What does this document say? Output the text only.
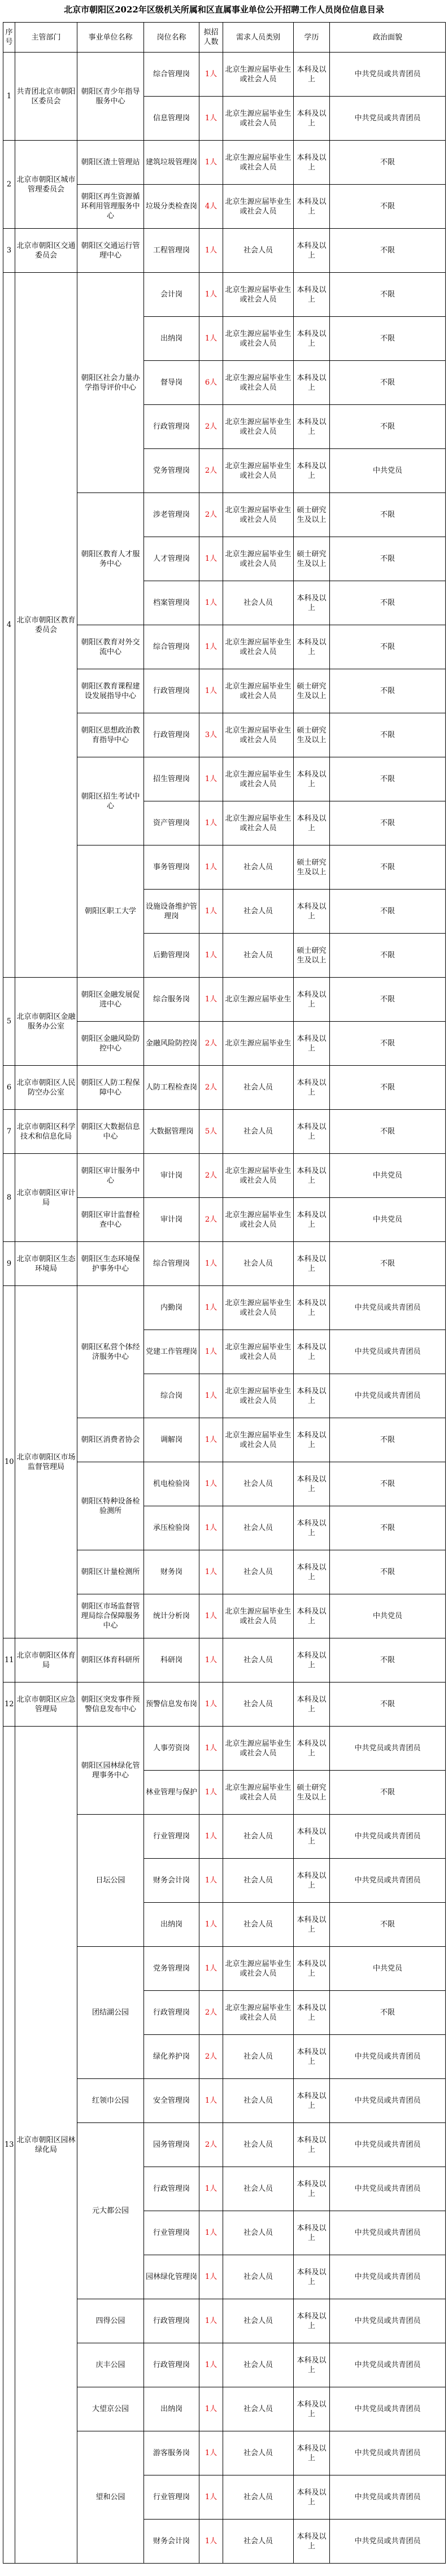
北京市朝阳区2022年区级机关所属和区直属事业单位公开招聘工作人员岗位信息目录
序号	主管部门	事业单位名称	岗位名称	拟招人数	需求人员类别	学历	政治面貌
1	共青团北京市朝阳区委员会	朝阳区青少年指导服务中心	综合管理岗	1人	北京生源应届毕业生或社会人员	本科及以上	中共党员或共青团员
			信息管理岗	1人	北京生源应届毕业生或社会人员	本科及以上	中共党员或共青团员
2	北京市朝阳区城市管理委员会	朝阳区渣土管理站	建筑垃圾管理岗	1人	北京生源应届毕业生或社会人员	本科及以上	不限
		朝阳区再生资源循环利用管理服务中心	垃圾分类检查岗	4人	北京生源应届毕业生或社会人员	本科及以上	不限
3	北京市朝阳区交通委员会	朝阳区交通运行管理中心	工程管理岗	1人	社会人员	本科及以上	不限
4	北京市朝阳区教育委员会	朝阳区社会力量办学指导评价中心	会计岗	1人	北京生源应届毕业生或社会人员	本科及以上	不限
			出纳岗	1人	北京生源应届毕业生或社会人员	本科及以上	不限
			督导岗	6人	北京生源应届毕业生或社会人员	本科及以上	不限
			行政管理岗	2人	北京生源应届毕业生或社会人员	本科及以上	不限
			党务管理岗	2人	北京生源应届毕业生或社会人员	本科及以上	中共党员
		朝阳区教育人才服务中心	涉老管理岗	2人	北京生源应届毕业生或社会人员	硕士研究生及以上	不限
			人才管理岗	1人	北京生源应届毕业生或社会人员	硕士研究生及以上	不限
			档案管理岗	1人	社会人员	本科及以上	不限
		朝阳区教育对外交流中心	综合管理岗	1人	北京生源应届毕业生或社会人员	本科及以上	不限
		朝阳区教育课程建设发展指导中心	行政管理岗	1人	北京生源应届毕业生或社会人员	硕士研究生及以上	不限
		朝阳区思想政治教育指导中心	行政管理岗	3人	北京生源应届毕业生或社会人员	硕士研究生及以上	不限
		朝阳区招生考试中心	招生管理岗	1人	北京生源应届毕业生或社会人员	本科及以上	不限
			资产管理岗	1人	北京生源应届毕业生或社会人员	本科及以上	不限
		朝阳区职工大学	事务管理岗	1人	社会人员	硕士研究生及以上	不限
			设施设备维护管理岗	1人	社会人员	本科及以上	不限
			后勤管理岗	1人	社会人员	硕士研究生及以上	不限
5	北京市朝阳区金融服务办公室	朝阳区金融发展促进中心	综合服务岗	1人	北京生源应届毕业生	本科及以上	不限
		朝阳区金融风险防控中心	金融风险防控岗	2人	北京生源应届毕业生	本科及以上	不限
6	北京市朝阳区人民防空办公室	朝阳区人防工程保障中心	人防工程检查岗	2人	社会人员	本科及以上	不限
7	北京市朝阳区科学技术和信息化局	朝阳区大数据信息中心	大数据管理岗	5人	社会人员	本科及以上	不限
8	北京市朝阳区审计局	朝阳区审计服务中心	审计岗	2人	北京生源应届毕业生或社会人员	本科及以上	中共党员
		朝阳区审计监督检查中心	审计岗	2人	北京生源应届毕业生或社会人员	本科及以上	中共党员
9	北京市朝阳区生态环境局	朝阳区生态环境保护事务中心	综合管理岗	1人	社会人员	本科及以上	不限
10	北京市朝阳区市场监督管理局	朝阳区私营个体经济服务中心	内勤岗	1人	北京生源应届毕业生或社会人员	本科及以上	中共党员或共青团员
			党建工作管理岗	1人	北京生源应届毕业生或社会人员	本科及以上	中共党员或共青团员
			综合岗	1人	北京生源应届毕业生或社会人员	本科及以上	中共党员或共青团员
		朝阳区消费者协会	调解岗	1人	北京生源应届毕业生或社会人员	本科及以上	不限
		朝阳区特种设备检验测所	机电检验岗	1人	社会人员	本科及以上	不限
			承压检验岗	1人	社会人员	本科及以上	不限
		朝阳区计量检测所	财务岗	1人	社会人员	本科及以上	不限
		朝阳区市场监督管理局综合保障服务中心	统计分析岗	1人	北京生源应届毕业生或社会人员	本科及以上	中共党员
11	北京市朝阳区体育局	朝阳区体育科研所	科研岗	1人	社会人员	本科及以上	不限
12	北京市朝阳区应急管理局	朝阳区突发事件预警信息发布中心	预警信息发布岗	1人	社会人员	本科及以上	不限
13	北京市朝阳区园林绿化局	朝阳区园林绿化管理事务中心	人事劳资岗	1人	北京生源应届毕业生或社会人员	本科及以上	中共党员或共青团员
			林业管理与保护	1人	北京生源应届毕业生或社会人员	硕士研究生及以上	不限
		日坛公园	行业管理岗	1人	社会人员	本科及以上	中共党员或共青团员
			财务会计岗	1人	社会人员	本科及以上	中共党员或共青团员
			出纳岗	1人	社会人员	本科及以上	不限
		团结湖公园	党务管理岗	1人	北京生源应届毕业生或社会人员	本科及以上	中共党员
			行政管理岗	2人	北京生源应届毕业生或社会人员	本科及以上	不限
			绿化养护岗	2人	社会人员	本科及以上	中共党员或共青团员
		红领巾公园	安全管理岗	1人	社会人员	本科及以上	中共党员或共青团员
		元大都公园	园务管理岗	2人	社会人员	本科及以上	中共党员或共青团员
			行政管理岗	1人	社会人员	本科及以上	中共党员或共青团员
			行业管理岗	1人	社会人员	本科及以上	中共党员或共青团员
			园林绿化管理岗	1人	社会人员	本科及以上	中共党员或共青团员
		四得公园	行政管理岗	1人	社会人员	本科及以上	中共党员或共青团员
		庆丰公园	行政管理岗	1人	社会人员	本科及以上	中共党员或共青团员
		大望京公园	出纳岗	1人	社会人员	本科及以上	中共党员或共青团员
		望和公园	游客服务岗	1人	社会人员	本科及以上	中共党员或共青团员
			行业管理岗	1人	社会人员	本科及以上	中共党员或共青团员
			财务会计岗	1人	社会人员	本科及以上	中共党员或共青团员
